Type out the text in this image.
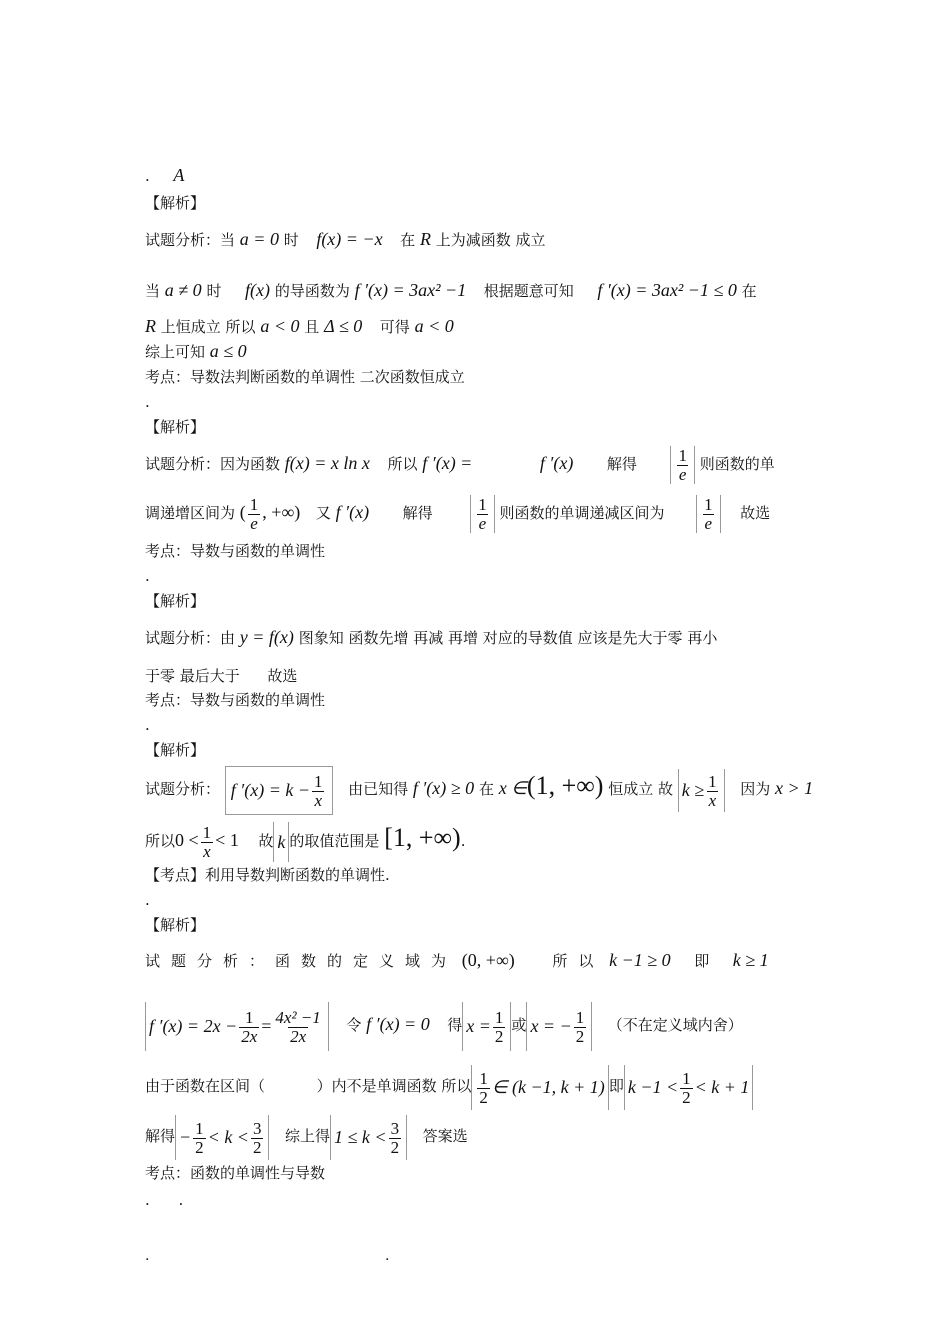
. A
【解析】
试题分析：当 a = 0 时 f(x) = −x 在 R 上为减函数 成立
当 a ≠ 0 时 f(x) 的导函数为 f ′(x) = 3ax² −1 根据题意可知 f ′(x) = 3ax² −1 ≤ 0 在
R 上恒成立 所以 a < 0 且 Δ ≤ 0 可得 a < 0
综上可知 a ≤ 0
考点：导数法判断函数的单调性 二次函数恒成立
.
【解析】
试题分析：因为函数 f(x) = x ln x 所以 f ′(x) =	f ′(x) 解得 $\frac{1}{e}$ 则函数的单
调递增区间为 ( $\frac{1}{e}$ , +∞) 又 f ′(x) 解得	$\frac{1}{e}$ 则函数的单调递减区间为 $\frac{1}{e}$ 故选
考点：导数与函数的单调性
.
【解析】
试题分析：由 y = f(x) 图象知 函数先增 再减 再增 对应的导数值 应该是先大于零 再小
于零 最后大于 故选
考点：导数与函数的单调性
.
【解析】
试题分析： f $'(x) = k - \frac{1}{x}$ 由已知得 f ′(x) ≥ 0 在 x ∈(1, +∞) 恒成立 故 $k \ge \frac{1}{x}$ 因为 x > 1
所以$0 < \frac{1}{x} < 1$ 故 k 的取值范围是 [1, +∞).
【考点】利用导数判断函数的单调性.
.
【解析】
试题分析：函数的定义域为 (0, +∞)	所以 k −1 ≥ 0 即 k ≥ 1
f $'(x) = 2x - \frac{1}{2x} = \frac{\text{4x² −1}}{2x}$ 令 f ′(x) = 0 得 $x = \frac{1}{2}$ 或 x = − $\frac{1}{2}$ （不在定义域内舍）
由于函数在区间（	）内不是单调函数 所以 $\frac{1}{2}$ ∈ (k −1, k + 1) 即 $k -1 < \frac{1}{2} < k + 1$
解得 − $\frac{1}{2} < k < \frac{3}{2}$ 综上得 $1 \le k < \frac{3}{2}$ 答案选
考点：函数的单调性与导数
. .
.	.
